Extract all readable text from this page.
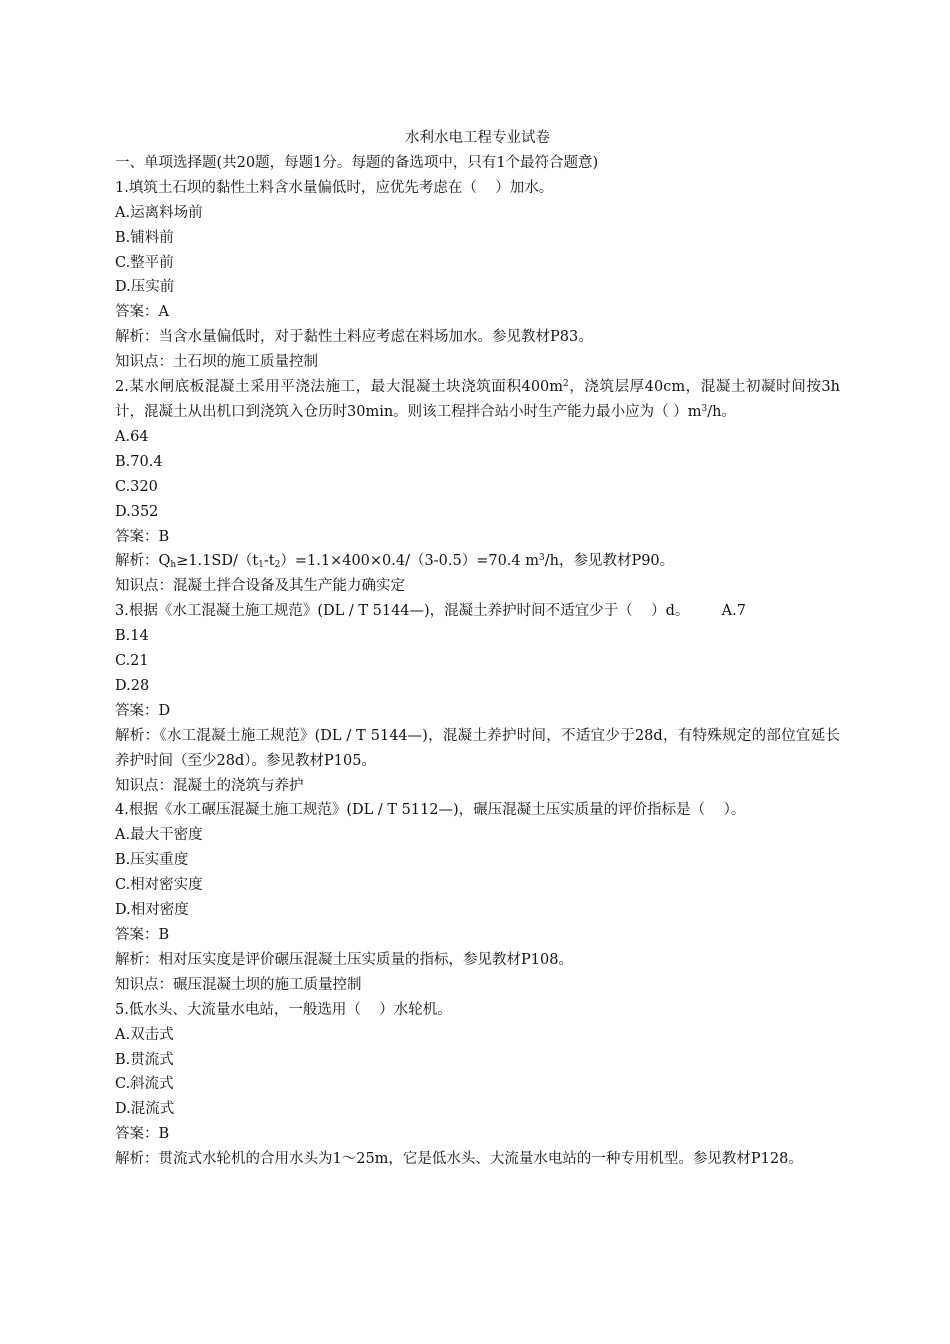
水利水电工程专业试卷
一、单项选择题(共20题，每题1分。每题的备选项中，只有1个最符合题意)
1.填筑土石坝的黏性土料含水量偏低时，应优先考虑在（    ）加水。
A.运离料场前
B.铺料前
C.整平前
D.压实前
答案：A
解析：当含水量偏低时，对于黏性土料应考虑在料场加水。参见教材P83。
知识点：土石坝的施工质量控制
2.某水闸底板混凝土采用平浇法施工，最大混凝土块浇筑面积$400m^2$，浇筑层厚40cm，混凝土初凝时间按3h计，混凝土从出机口到浇筑入仓历时30min。则该工程拌合站小时生产能力最小应为（ ）$m^3/h$。
A.64
B.70.4
C.320
D.352
答案：B
解析：$Q_h\ge 1.1SD/(t_1-t_2)=1.1\times 400\times 0.4/(3-0.5)=70.4$ $m^3/h$，参见教材P90。
知识点：混凝土拌合设备及其生产能力确实定
3.根据《水工混凝土施工规范》(DL / T 5144—)，混凝土养护时间不适宜少于（    ）d。 A.7
B.14
C.21
D.28
答案：D
解析：《水工混凝土施工规范》(DL / T 5144—)，混凝土养护时间，不适宜少于28d，有特殊规定的部位宜延长养护时间（至少28d）。参见教材P105。
知识点：混凝土的浇筑与养护
4.根据《水工碾压混凝土施工规范》(DL / T 5112—)，碾压混凝土压实质量的评价指标是（    ）。
A.最大干密度
B.压实重度
C.相对密实度
D.相对密度
答案：B
解析：相对压实度是评价碾压混凝土压实质量的指标，参见教材P108。
知识点：碾压混凝土坝的施工质量控制
5.低水头、大流量水电站，一般选用（    ）水轮机。
A.双击式
B.贯流式
C.斜流式
D.混流式
答案：B
解析：贯流式水轮机的合用水头为1～25m，它是低水头、大流量水电站的一种专用机型。参见教材P128。
